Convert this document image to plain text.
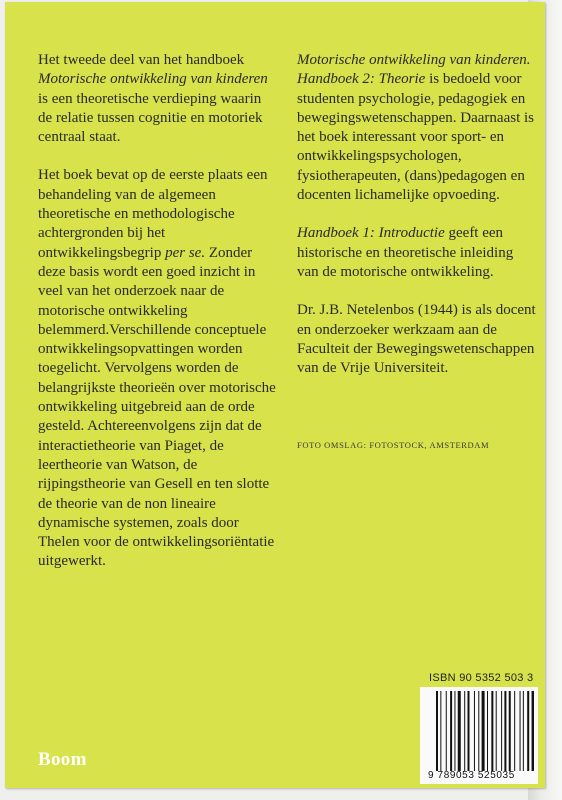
Het tweede deel van het handboek
Motorische ontwikkeling van kinderen
is een theoretische verdieping waarin de relatie tussen cognitie en motoriek centraal staat.

Het boek bevat op de eerste plaats een behandeling van de algemeen theoretische en methodologische achtergronden bij het ontwikkelingsbegrip per se. Zonder deze basis wordt een goed inzicht in veel van het onderzoek naar de motorische ontwikkeling belemmerd.Verschillende conceptuele ontwikkelingsopvattingen worden toegelicht. Vervolgens worden de belangrijkste theorieën over motorische ontwikkeling uitgebreid aan de orde gesteld. Achtereenvolgens zijn dat de interactietheorie van Piaget, de leertheorie van Watson, de rijpingstheorie van Gesell en ten slotte de theorie van de non lineaire dynamische systemen, zoals door Thelen voor de ontwikkelingsoriëntatie uitgewerkt.

Motorische ontwikkeling van kinderen. Handboek 2: Theorie is bedoeld voor studenten psychologie, pedagogiek en bewegingswetenschappen. Daarnaast is het boek interessant voor sport- en ontwikkelingspsychologen, fysiotherapeuten, (dans)pedagogen en docenten lichamelijke opvoeding.

Handboek 1: Introductie geeft een historische en theoretische inleiding van de motorische ontwikkeling.

Dr. J.B. Netelenbos (1944) is als docent en onderzoeker werkzaam aan de Faculteit der Bewegingswetenschappen van de Vrije Universiteit.

FOTO OMSLAG: FOTOSTOCK, AMSTERDAM
ISBN 90 5352 503 3
9 789053 525035
Boom
